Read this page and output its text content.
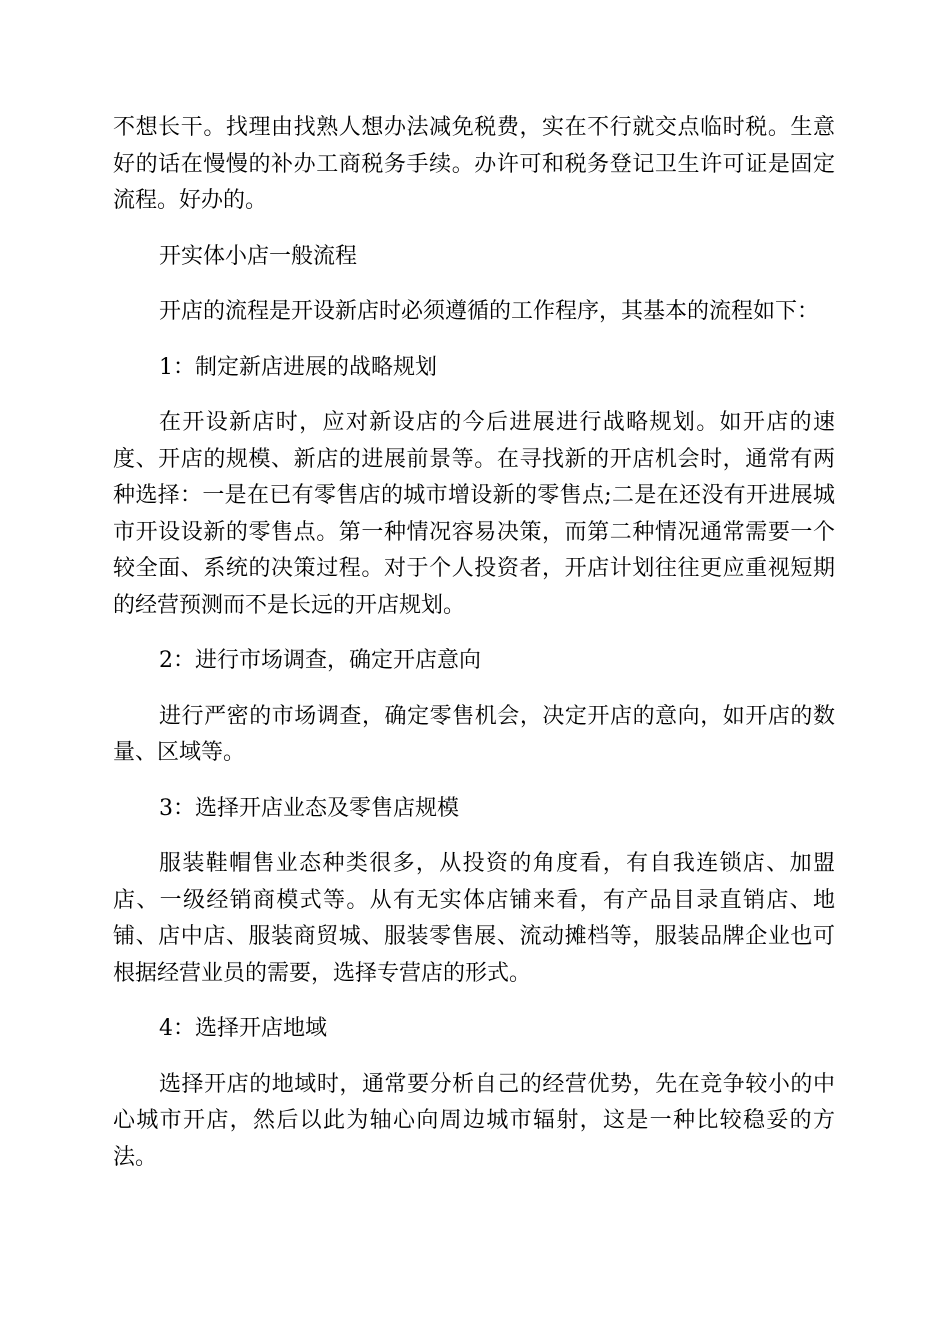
不想长干。找理由找熟人想办法减免税费，实在不行就交点临时税。生意好的话在慢慢的补办工商税务手续。办许可和税务登记卫生许可证是固定流程。好办的。

开实体小店一般流程

开店的流程是开设新店时必须遵循的工作程序，其基本的流程如下：

1：制定新店进展的战略规划

在开设新店时，应对新设店的今后进展进行战略规划。如开店的速度、开店的规模、新店的进展前景等。在寻找新的开店机会时，通常有两种选择：一是在已有零售店的城市增设新的零售点;二是在还没有开进展城市开设设新的零售点。第一种情况容易决策，而第二种情况通常需要一个较全面、系统的决策过程。对于个人投资者，开店计划往往更应重视短期的经营预测而不是长远的开店规划。

2：进行市场调查，确定开店意向

进行严密的市场调查，确定零售机会，决定开店的意向，如开店的数量、区域等。

3：选择开店业态及零售店规模

服装鞋帽售业态种类很多，从投资的角度看，有自我连锁店、加盟店、一级经销商模式等。从有无实体店铺来看，有产品目录直销店、地铺、店中店、服装商贸城、服装零售展、流动摊档等，服装品牌企业也可根据经营业员的需要，选择专营店的形式。

4：选择开店地域

选择开店的地域时，通常要分析自己的经营优势，先在竞争较小的中心城市开店，然后以此为轴心向周边城市辐射，这是一种比较稳妥的方法。
